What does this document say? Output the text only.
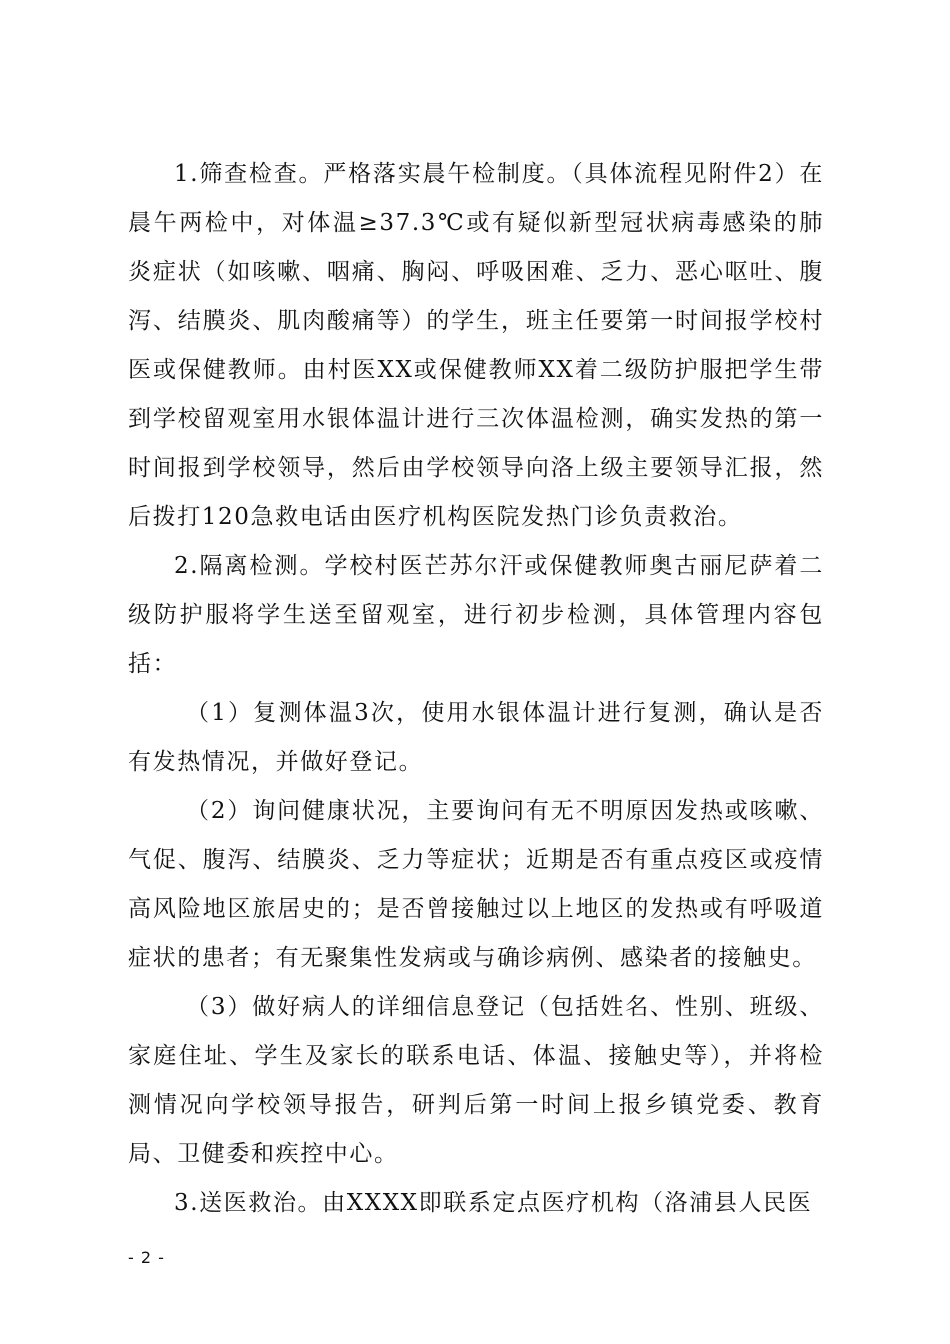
1.筛查检查。严格落实晨午检制度。（具体流程见附件2）在晨午两检中，对体温≥37.3℃或有疑似新型冠状病毒感染的肺炎症状（如咳嗽、咽痛、胸闷、呼吸困难、乏力、恶心呕吐、腹泻、结膜炎、肌肉酸痛等）的学生，班主任要第一时间报学校村医或保健教师。由村医XX或保健教师XX着二级防护服把学生带到学校留观室用水银体温计进行三次体温检测，确实发热的第一时间报到学校领导，然后由学校领导向洛上级主要领导汇报，然后拨打120急救电话由医疗机构医院发热门诊负责救治。

2.隔离检测。学校村医芒苏尔汗或保健教师奥古丽尼萨着二级防护服将学生送至留观室，进行初步检测，具体管理内容包括：

（1）复测体温3次，使用水银体温计进行复测，确认是否有发热情况，并做好登记。

（2）询问健康状况，主要询问有无不明原因发热或咳嗽、气促、腹泻、结膜炎、乏力等症状；近期是否有重点疫区或疫情高风险地区旅居史的；是否曾接触过以上地区的发热或有呼吸道症状的患者；有无聚集性发病或与确诊病例、感染者的接触史。

（3）做好病人的详细信息登记（包括姓名、性别、班级、家庭住址、学生及家长的联系电话、体温、接触史等），并将检测情况向学校领导报告，研判后第一时间上报乡镇党委、教育局、卫健委和疾控中心。

3.送医救治。由XXXX即联系定点医疗机构（洛浦县人民医

- 2 -
